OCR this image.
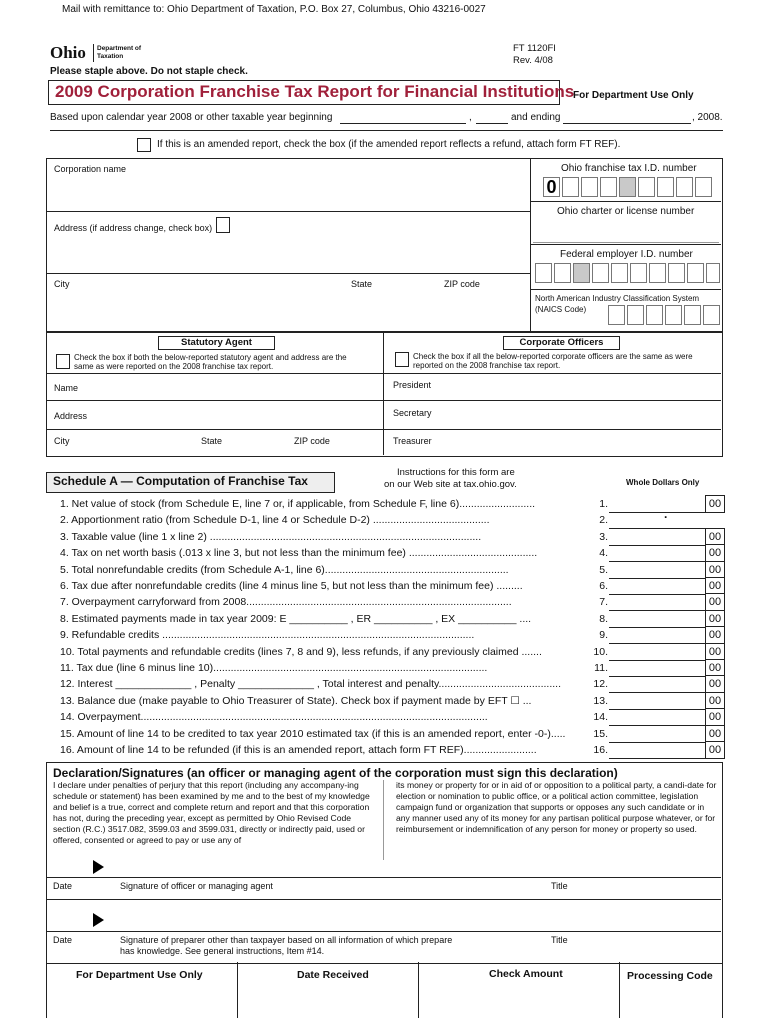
Mail with remittance to: Ohio Department of Taxation, P.O. Box 27, Columbus, Ohio 43216-0027
Ohio Department of
Taxation
FT 1120FI
Rev. 4/08
Please staple above. Do not staple check.
2009 Corporation Franchise Tax Report for Financial Institutions
For Department Use Only
Based upon calendar year 2008 or other taxable year beginning	,	and ending	, 2008.
If this is an amended report, check the box (if the amended report reflects a refund, attach form FT REF).
Corporation name
Address (if address change, check box)
City	State	ZIP code
Ohio franchise tax I.D. number
0
Ohio charter or license number
Federal employer I.D. number
North American Industry Classification System
(NAICS Code)
Statutory Agent
Check the box if both the below-reported statutory agent and address are the
same as were reported on the 2008 franchise tax report.
Name
Address
City	State	ZIP code
Corporate Officers
Check the box if all the below-reported corporate officers are the same as were
reported on the 2008 franchise tax report.
President
Secretary
Treasurer
Schedule A — Computation of Franchise Tax
Instructions for this form are
on our Web site at tax.ohio.gov.	Whole Dollars Only
1. Net value of stock (from Schedule E, line 7 or, if applicable, from Schedule F, line 6)..........................	1.	00
2. Apportionment ratio (from Schedule D-1, line 4 or Schedule D-2) ........................................	2.
3. Taxable value (line 1 x line 2) .............................................................................................	3.	00
4. Tax on net worth basis (.013 x line 3, but not less than the minimum fee) ............................................	4.	00
5. Total nonrefundable credits (from Schedule A-1, line 6)...............................................................	5.	00
6. Tax due after nonrefundable credits (line 4 minus line 5, but not less than the minimum fee) .........	6.	00
7. Overpayment carryforward from 2008...........................................................................................	7.	00
8. Estimated payments made in tax year 2009: E __________ , ER __________ , EX __________ ....	8.	00
9. Refundable credits ...........................................................................................................	9.	00
10. Total payments and refundable credits (lines 7, 8 and 9), less refunds, if any previously claimed .......	10.	00
11. Tax due (line 6 minus line 10)..............................................................................................	11.	00
12. Interest _____________ , Penalty _____________ , Total interest and penalty..........................................	12.	00
13. Balance due (make payable to Ohio Treasurer of State). Check box if payment made by EFT ☐ ...	13.	00
14. Overpayment.......................................................................................................................	14.	00
15. Amount of line 14 to be credited to tax year 2010 estimated tax (if this is an amended report, enter -0-).....	15.	00
16. Amount of line 14 to be refunded (if this is an amended report, attach form FT REF).........................	16.	00
·
Declaration/Signatures (an officer or managing agent of the corporation must sign this declaration)
I declare under penalties of perjury that this report (including any accompany-ing schedule or statement) has been examined by me and to the best of my knowledge and belief is a true, correct and complete return and report and that this corporation has not, during the preceding year, except as permitted by Ohio Revised Code section (R.C.) 3517.082, 3599.03 and 3599.031, directly or indirectly paid, used or offered, consented or agreed to pay or use any of
its money or property for or in aid of or opposition to a political party, a candi-date for election or nomination to public office, or a political action committee, legislation campaign fund or organization that supports or opposes any such candidate or in any manner used any of its money for any partisan political purpose whatever, or for reimbursement or indemnification of any person for money or property so used.
Date	Signature of officer or managing agent	Title
Date	Signature of preparer other than taxpayer based on all information of which prepare
has knowledge. See general instructions, Item #14.
Title
For Department Use Only	Date Received	Check Amount	Processing Code
